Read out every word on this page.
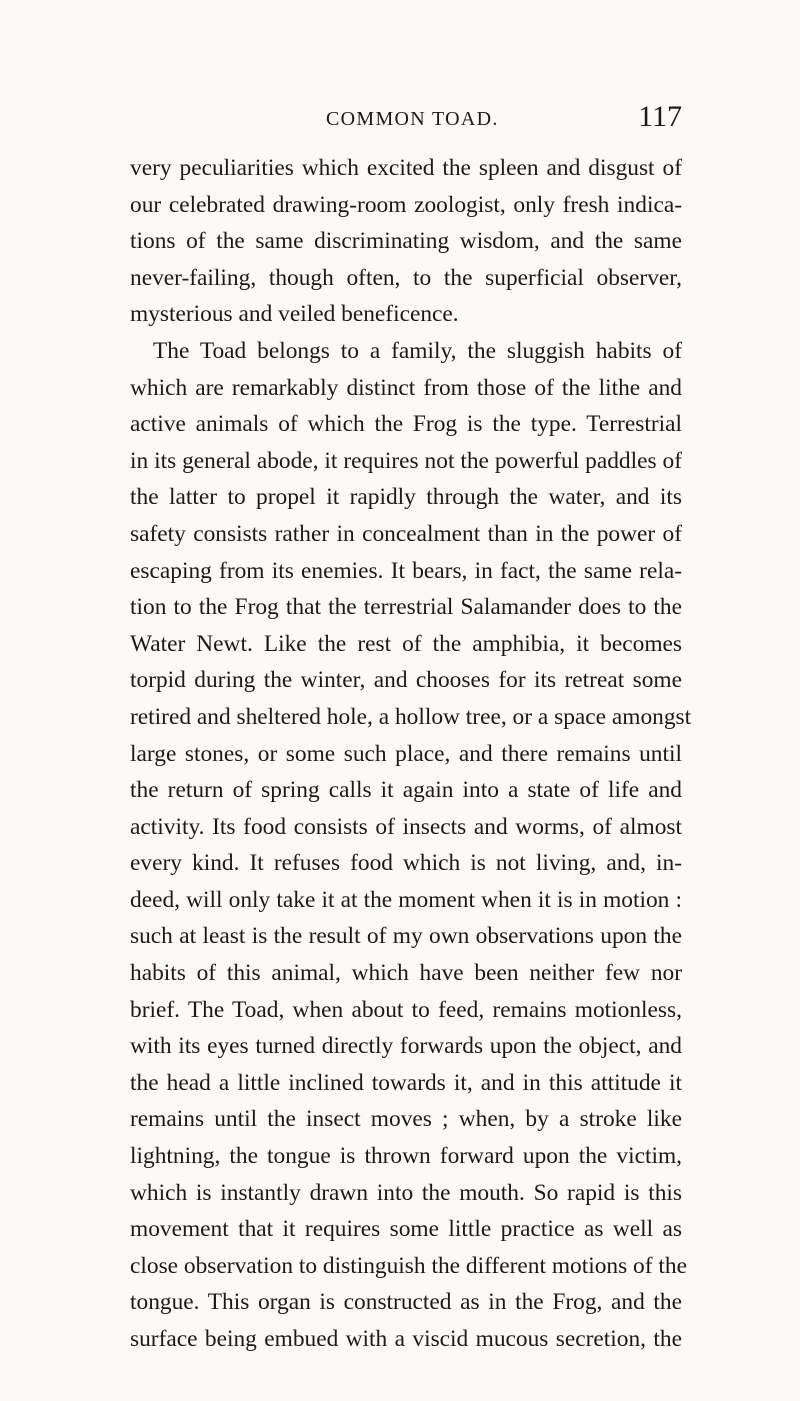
COMMON TOAD.	117
very peculiarities which excited the spleen and disgust of
our celebrated drawing-room zoologist, only fresh indica-
tions of the same discriminating wisdom, and the same
never-failing, though often, to the superficial observer,
mysterious and veiled beneficence.
The Toad belongs to a family, the sluggish habits of
which are remarkably distinct from those of the lithe and
active animals of which the Frog is the type. Terrestrial
in its general abode, it requires not the powerful paddles of
the latter to propel it rapidly through the water, and its
safety consists rather in concealment than in the power of
escaping from its enemies. It bears, in fact, the same rela-
tion to the Frog that the terrestrial Salamander does to the
Water Newt. Like the rest of the amphibia, it becomes
torpid during the winter, and chooses for its retreat some
retired and sheltered hole, a hollow tree, or a space amongst
large stones, or some such place, and there remains until
the return of spring calls it again into a state of life and
activity. Its food consists of insects and worms, of almost
every kind. It refuses food which is not living, and, in-
deed, will only take it at the moment when it is in motion :
such at least is the result of my own observations upon the
habits of this animal, which have been neither few nor
brief. The Toad, when about to feed, remains motionless,
with its eyes turned directly forwards upon the object, and
the head a little inclined towards it, and in this attitude it
remains until the insect moves ; when, by a stroke like
lightning, the tongue is thrown forward upon the victim,
which is instantly drawn into the mouth. So rapid is this
movement that it requires some little practice as well as
close observation to distinguish the different motions of the
tongue. This organ is constructed as in the Frog, and the
surface being embued with a viscid mucous secretion, the
